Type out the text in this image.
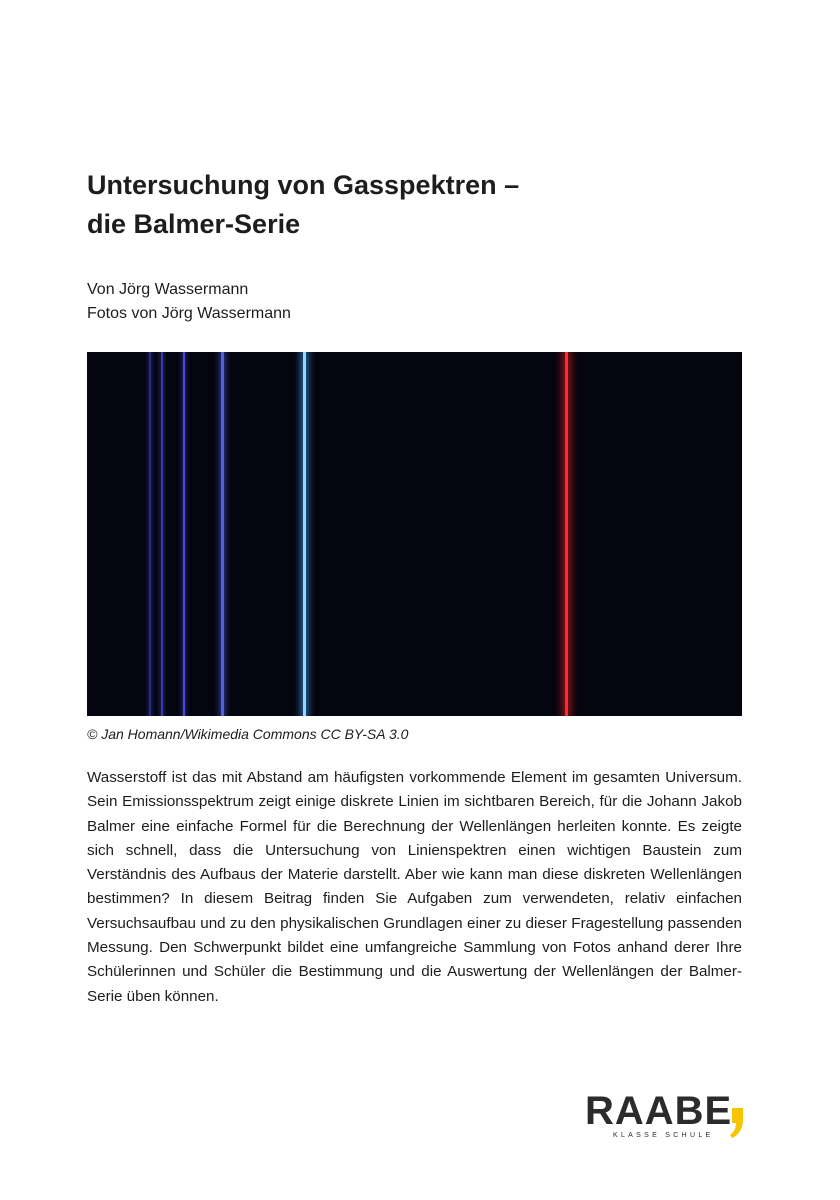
Untersuchung von Gasspektren –
die Balmer-Serie
Von Jörg Wassermann
Fotos von Jörg Wassermann
© Jan Homann/Wikimedia Commons CC BY-SA 3.0

Wasserstoff ist das mit Abstand am häufigsten vorkommende Element im gesamten Universum. Sein Emissionsspektrum zeigt einige diskrete Linien im sichtbaren Bereich, für die Johann Jakob Balmer eine einfache Formel für die Berechnung der Wellenlängen herleiten konnte. Es zeigte sich schnell, dass die Untersuchung von Linienspektren einen wichtigen Baustein zum Verständnis des Aufbaus der Materie darstellt. Aber wie kann man diese diskreten Wellenlängen bestimmen? In diesem Beitrag finden Sie Aufgaben zum verwendeten, relativ einfachen Versuchsaufbau und zu den physikalischen Grundlagen einer zu dieser Fragestellung passenden Messung. Den Schwerpunkt bildet eine umfangreiche Sammlung von Fotos anhand derer Ihre Schülerinnen und Schüler die Bestimmung und die Auswertung der Wellenlängen der Balmer-Serie üben können.

RAABE
KLASSE SCHULE
